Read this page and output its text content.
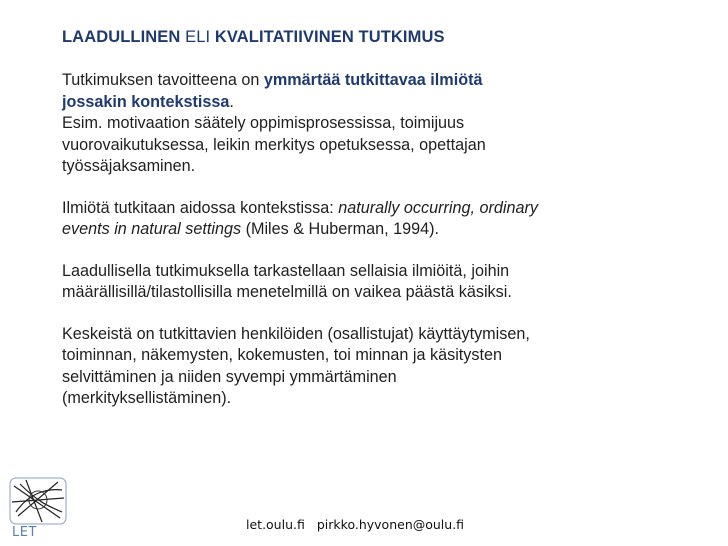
LAADULLINEN ELI KVALITATIIVINEN TUTKIMUS

Tutkimuksen tavoitteena on ymmärtää tutkittavaa ilmiötä jossakin kontekstissa.
Esim. motivaation säätely oppimisprosessissa, toimijuus vuorovaikutuksessa, leikin merkitys opetuksessa, opettajan työssäjaksaminen.

Ilmiötä tutkitaan aidossa kontekstissa: naturally occurring, ordinary events in natural settings (Miles & Huberman, 1994).

Laadullisella tutkimuksella tarkastellaan sellaisia ilmiöitä, joihin määrällisillä/tilastollisilla menetelmillä on vaikea päästä käsiksi.

Keskeistä on tutkittavien henkilöiden (osallistujat) käyttäytymisen, toiminnan, näkemysten, kokemusten, toi minnan ja käsitysten selvittäminen ja niiden syvempi ymmärtäminen (merkityksellistäminen).

LET
let.oulu.fi pirkko.hyvonen@oulu.fi
